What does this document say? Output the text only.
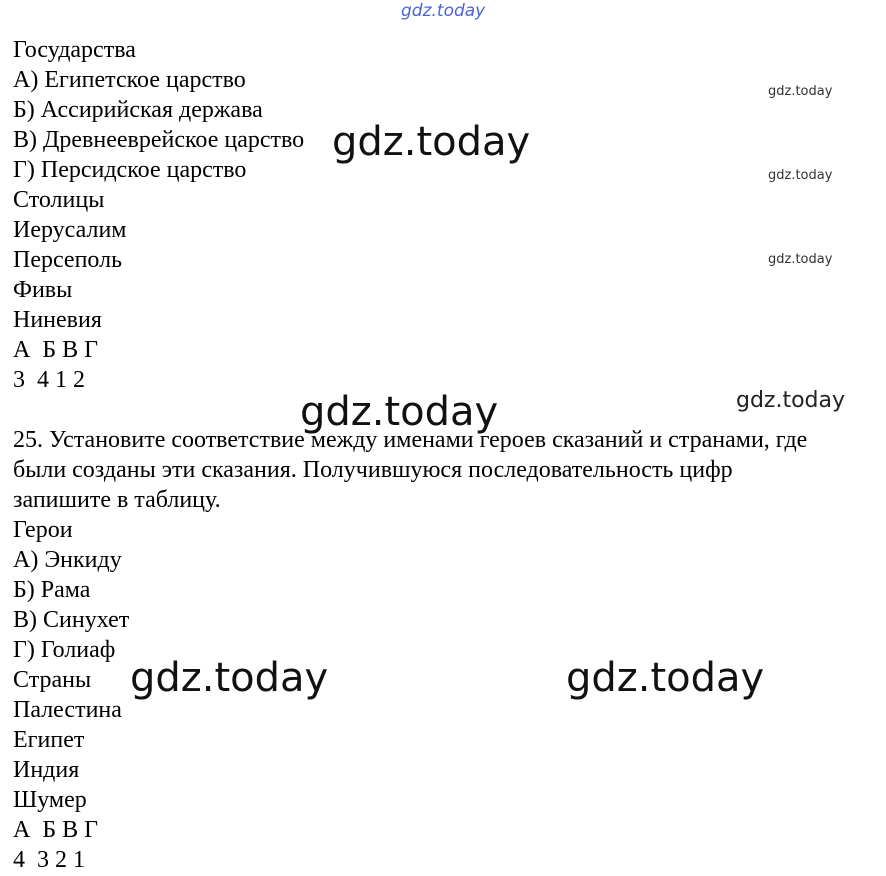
Государства
А) Египетское царство
Б) Ассирийская держава
В) Древнееврейское царство
Г) Персидское царство
Столицы
Иерусалим
Персеполь
Фивы
Ниневия
А  Б В Г
3  4 1 2
25. Установите соответствие между именами героев сказаний и странами, где
были созданы эти сказания. Получившуюся последовательность цифр
запишите в таблицу.
Герои
А) Энкиду
Б) Рама
В) Синухет
Г) Голиаф
Страны
Палестина
Египет
Индия
Шумер
А  Б В Г
4  3 2 1
gdz.today
gdz.today
gdz.today
gdz.today
gdz.today
gdz.today	gdz.today
gdz.today	gdz.today
